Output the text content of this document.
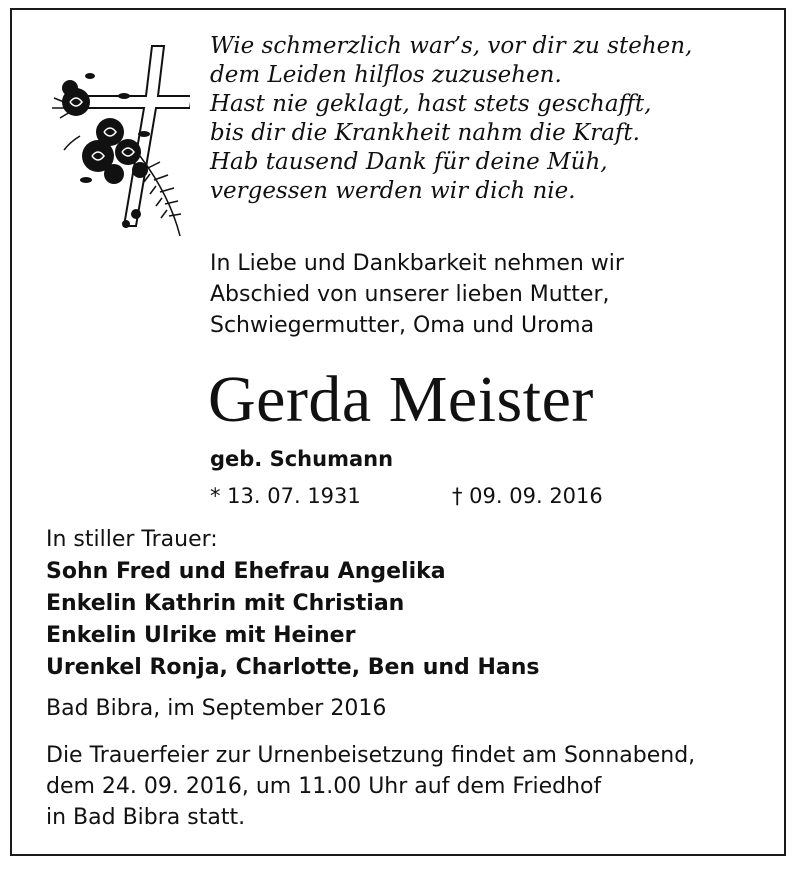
Wie schmerzlich war’s, vor dir zu stehen,
dem Leiden hilflos zuzusehen.
Hast nie geklagt, hast stets geschafft,
bis dir die Krankheit nahm die Kraft.
Hab tausend Dank für deine Müh,
vergessen werden wir dich nie.
In Liebe und Dankbarkeit nehmen wir
Abschied von unserer lieben Mutter,
Schwiegermutter, Oma und Uroma
Gerda Meister
geb. Schumann
* 13. 07. 1931	† 09. 09. 2016
In stiller Trauer:
Sohn Fred und Ehefrau Angelika
Enkelin Kathrin mit Christian
Enkelin Ulrike mit Heiner
Urenkel Ronja, Charlotte, Ben und Hans
Bad Bibra, im September 2016
Die Trauerfeier zur Urnenbeisetzung findet am Sonnabend,
dem 24. 09. 2016, um 11.00 Uhr auf dem Friedhof
in Bad Bibra statt.
